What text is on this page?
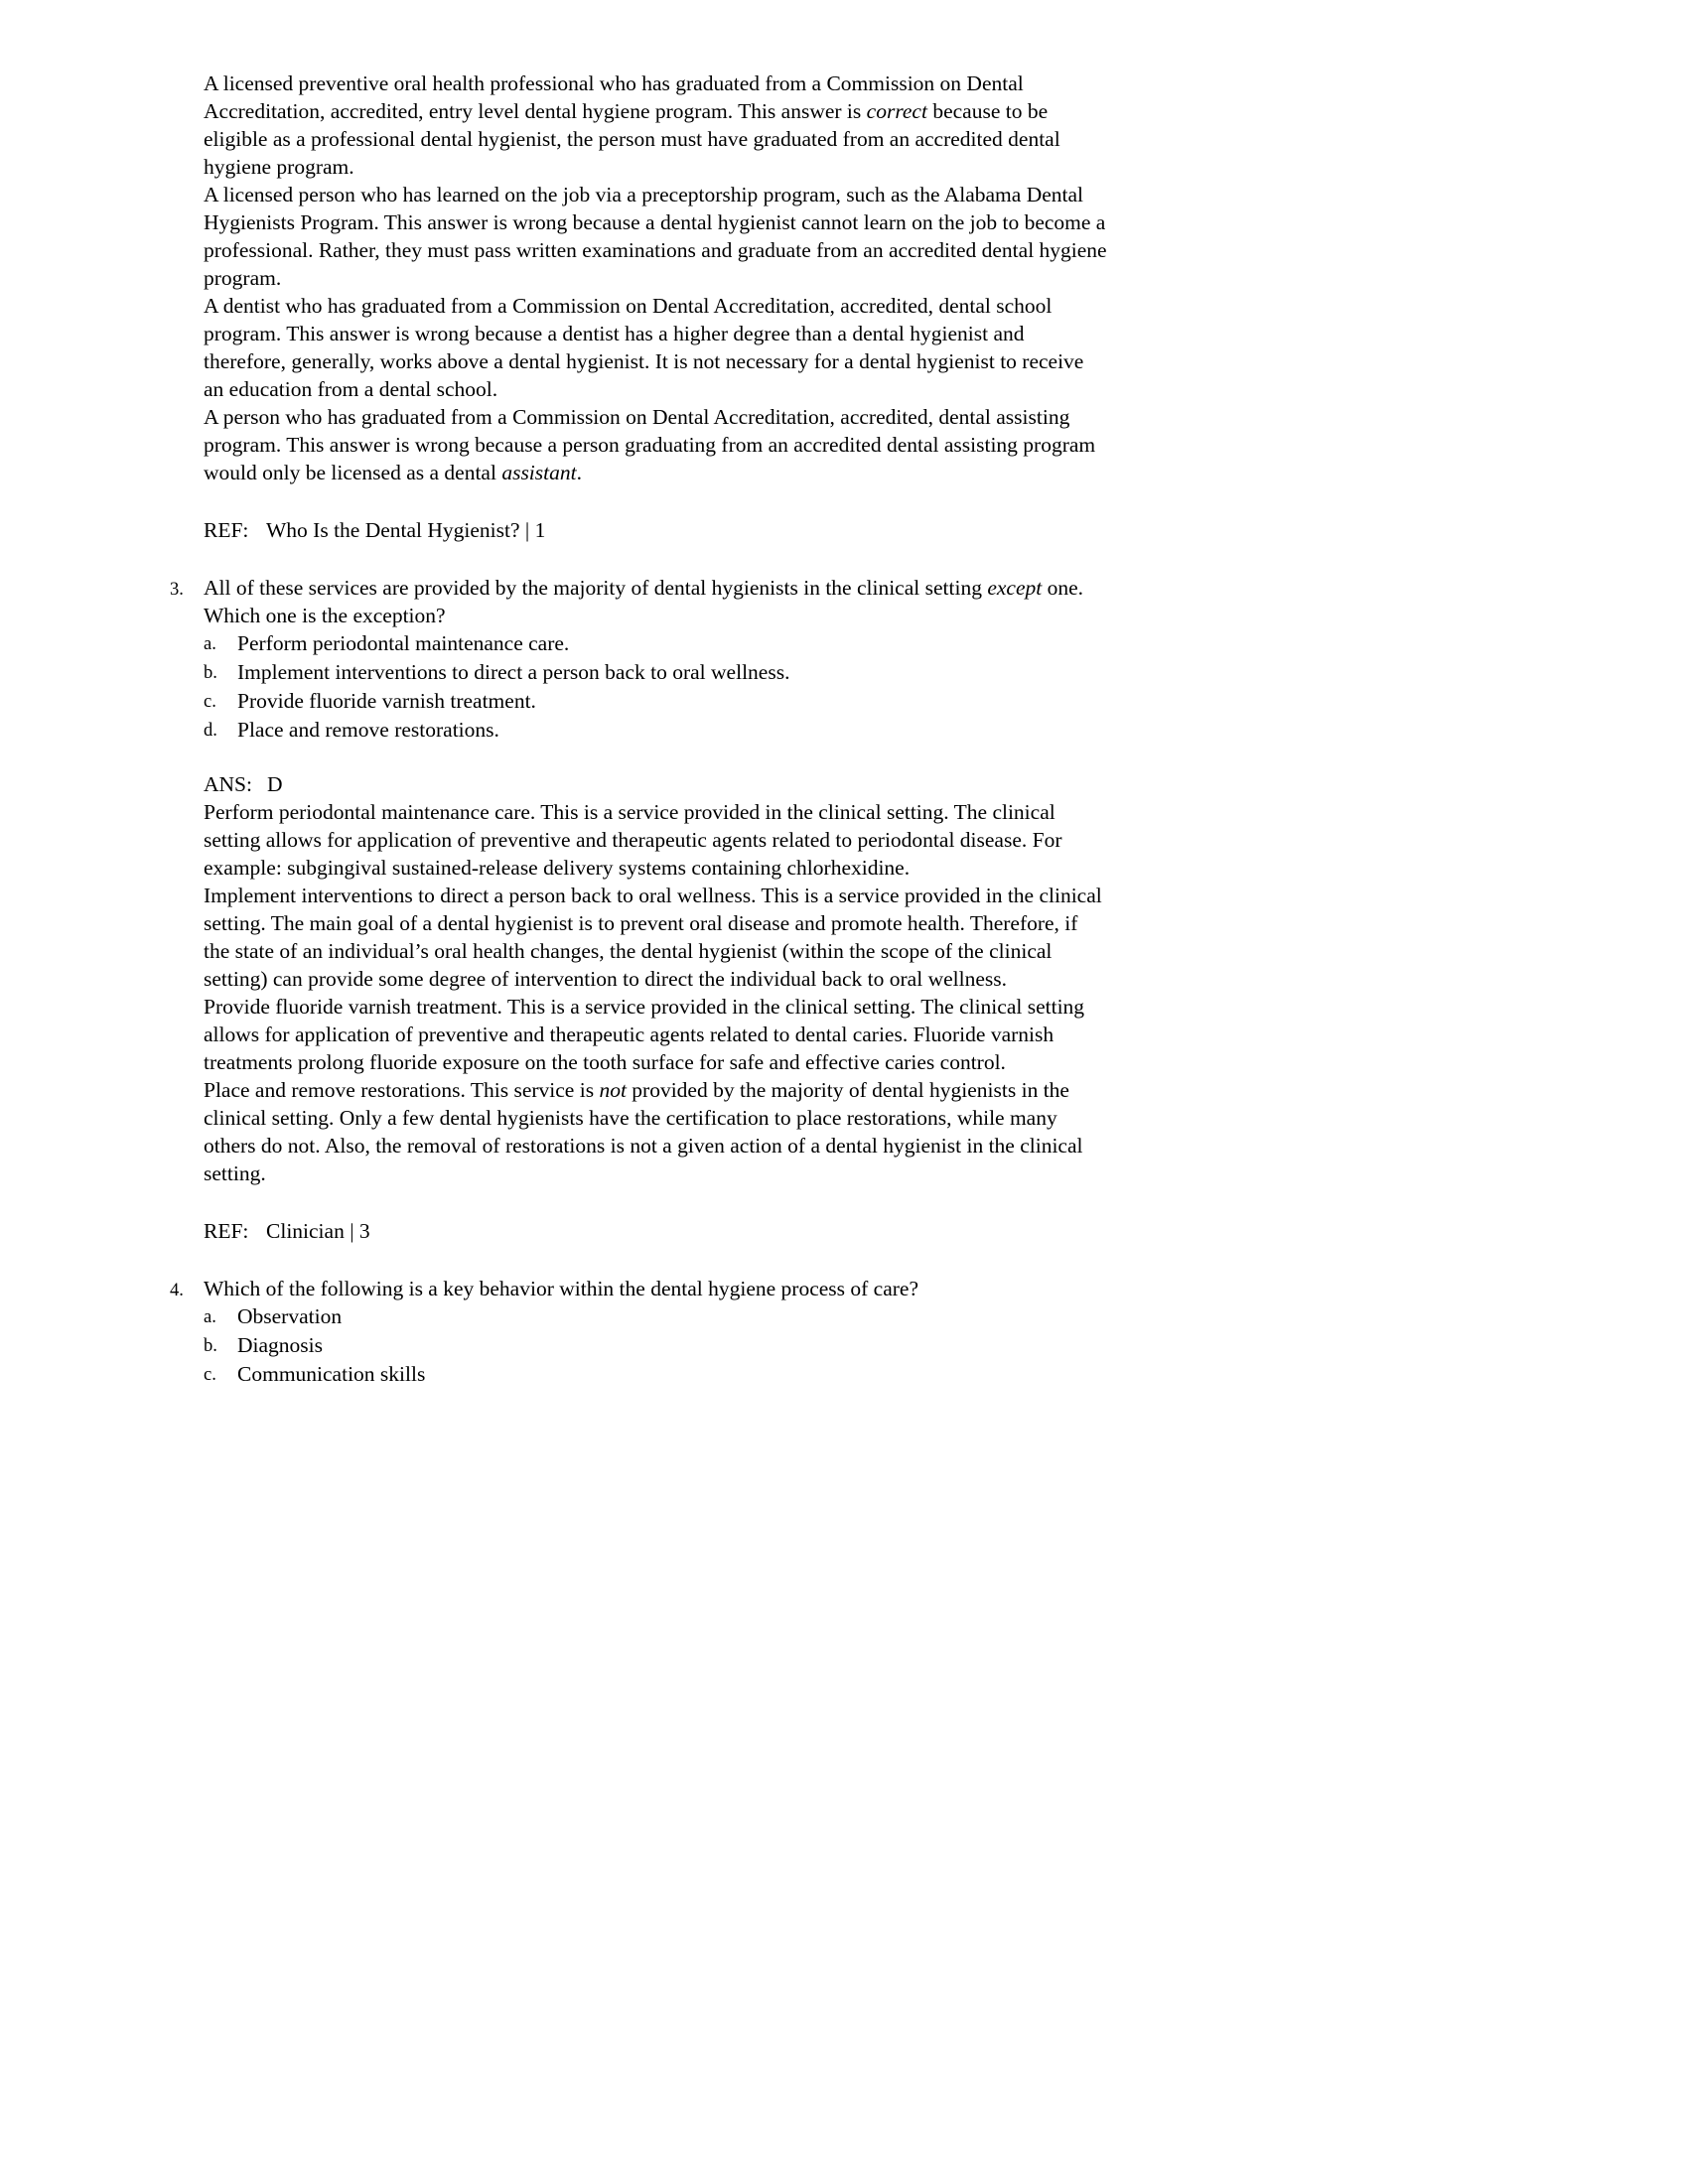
A licensed preventive oral health professional who has graduated from a Commission on Dental Accreditation, accredited, entry level dental hygiene program. This answer is correct because to be eligible as a professional dental hygienist, the person must have graduated from an accredited dental hygiene program.

A licensed person who has learned on the job via a preceptorship program, such as the Alabama Dental Hygienists Program. This answer is wrong because a dental hygienist cannot learn on the job to become a professional. Rather, they must pass written examinations and graduate from an accredited dental hygiene program.

A dentist who has graduated from a Commission on Dental Accreditation, accredited, dental school program. This answer is wrong because a dentist has a higher degree than a dental hygienist and therefore, generally, works above a dental hygienist. It is not necessary for a dental hygienist to receive an education from a dental school.

A person who has graduated from a Commission on Dental Accreditation, accredited, dental assisting program. This answer is wrong because a person graduating from an accredited dental assisting program would only be licensed as a dental assistant.

REF: Who Is the Dental Hygienist? | 1
3. All of these services are provided by the majority of dental hygienists in the clinical setting except one. Which one is the exception?

a. Perform periodontal maintenance care.
b. Implement interventions to direct a person back to oral wellness.
c. Provide fluoride varnish treatment.
d. Place and remove restorations.
ANS: D

Perform periodontal maintenance care. This is a service provided in the clinical setting. The clinical setting allows for application of preventive and therapeutic agents related to periodontal disease. For example: subgingival sustained-release delivery systems containing chlorhexidine.

Implement interventions to direct a person back to oral wellness. This is a service provided in the clinical setting. The main goal of a dental hygienist is to prevent oral disease and promote health. Therefore, if the state of an individual’s oral health changes, the dental hygienist (within the scope of the clinical setting) can provide some degree of intervention to direct the individual back to oral wellness.

Provide fluoride varnish treatment. This is a service provided in the clinical setting. The clinical setting allows for application of preventive and therapeutic agents related to dental caries. Fluoride varnish treatments prolong fluoride exposure on the tooth surface for safe and effective caries control.

Place and remove restorations. This service is not provided by the majority of dental hygienists in the clinical setting. Only a few dental hygienists have the certification to place restorations, while many others do not. Also, the removal of restorations is not a given action of a dental hygienist in the clinical setting.

REF: Clinician | 3
4. Which of the following is a key behavior within the dental hygiene process of care?

a. Observation
b. Diagnosis
c. Communication skills
